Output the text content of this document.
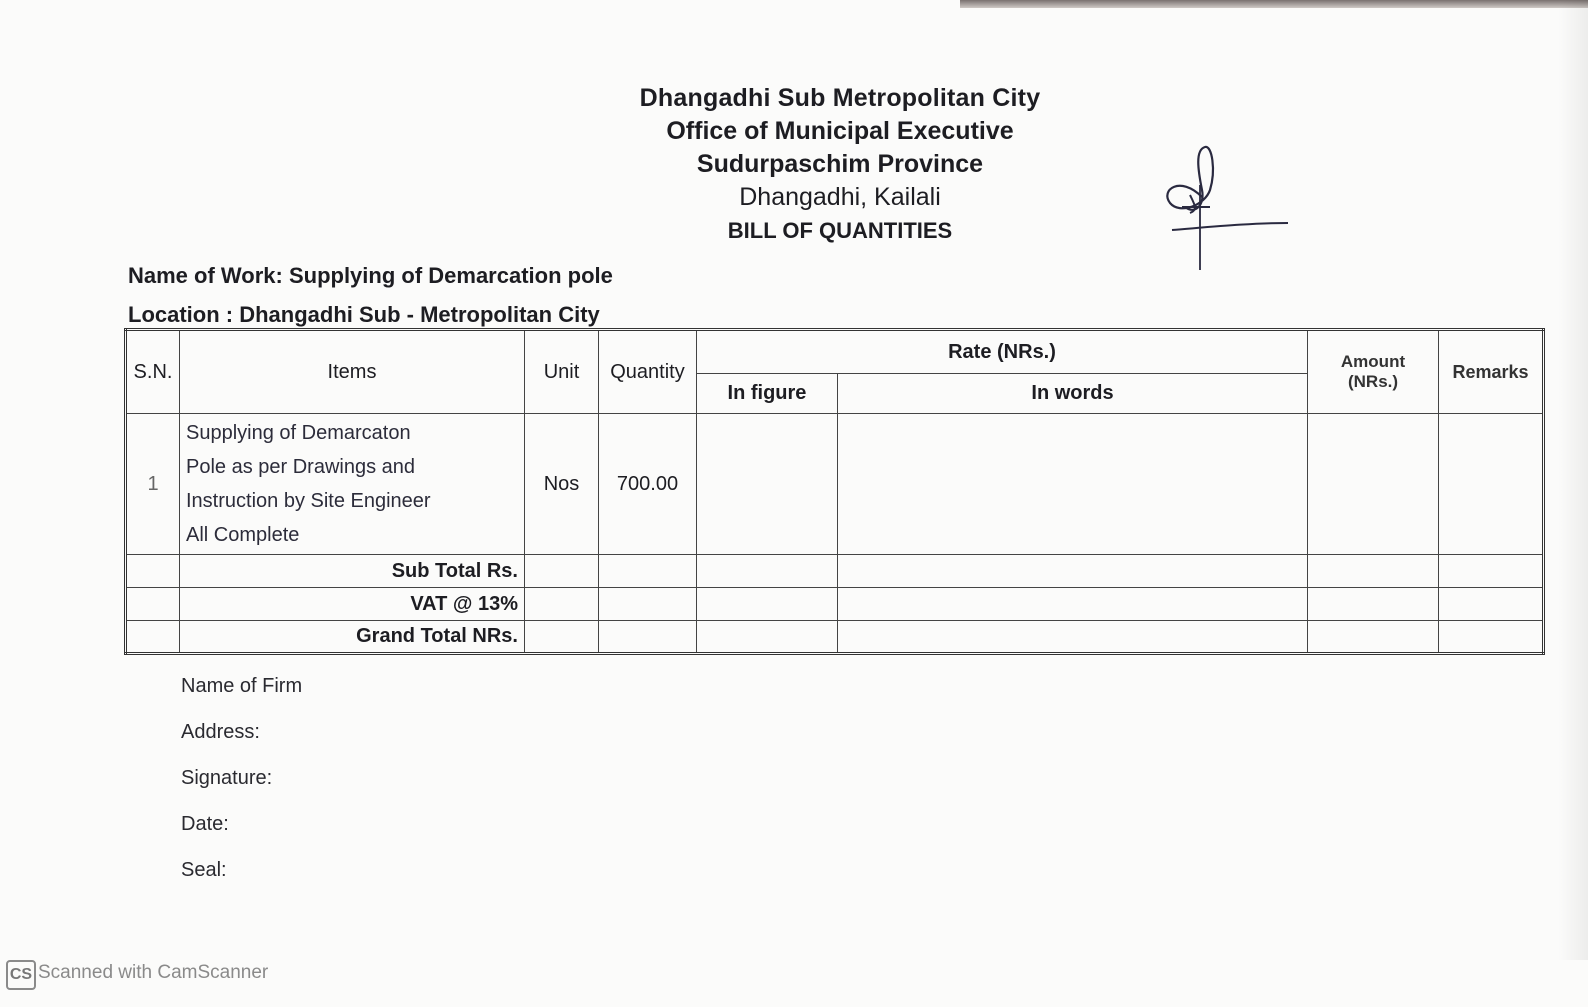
Dhangadhi Sub Metropolitan City
Office of Municipal Executive
Sudurpaschim Province
Dhangadhi, Kailali
BILL OF QUANTITIES
Name of Work: Supplying of Demarcation pole
Location : Dhangadhi Sub - Metropolitan City
S.N.	Items	Unit	Quantity	Rate (NRs.)		Amount (NRs.)	Remarks
				In figure	In words		
1	Supplying of Demarcaton
Pole as per Drawings and
Instruction by Site Engineer
All Complete	Nos	700.00				
	Sub Total Rs.						
	VAT @ 13%						
	Grand Total NRs.						
Name of Firm
Address:
Signature:
Date:
Seal:
CS Scanned with CamScanner
